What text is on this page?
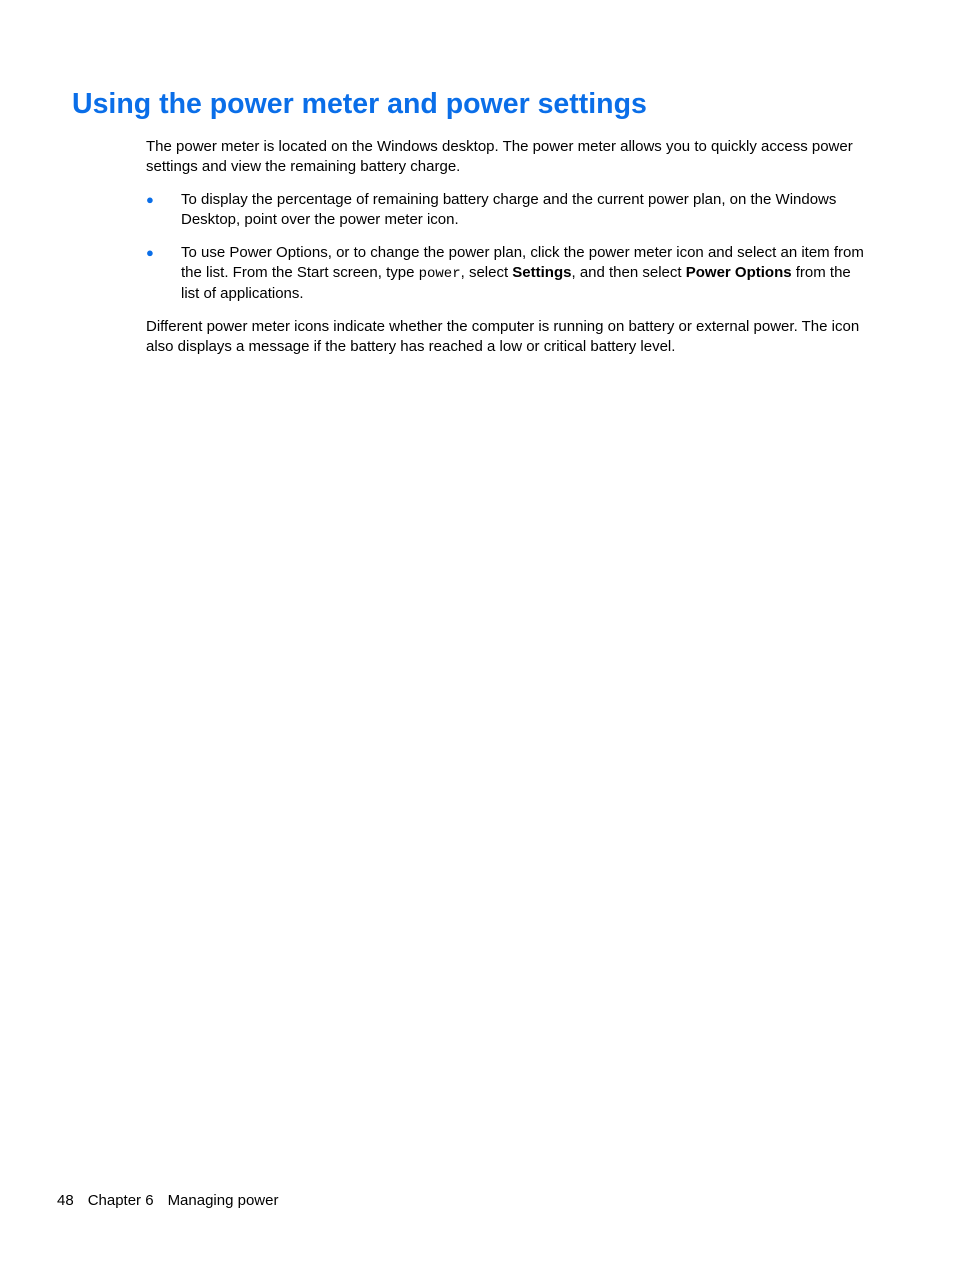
Using the power meter and power settings

The power meter is located on the Windows desktop. The power meter allows you to quickly access power settings and view the remaining battery charge.

● To display the percentage of remaining battery charge and the current power plan, on the Windows Desktop, point over the power meter icon.
● To use Power Options, or to change the power plan, click the power meter icon and select an item from the list. From the Start screen, type power, select Settings, and then select Power Options from the list of applications.

Different power meter icons indicate whether the computer is running on battery or external power. The icon also displays a message if the battery has reached a low or critical battery level.

48 Chapter 6 Managing power
